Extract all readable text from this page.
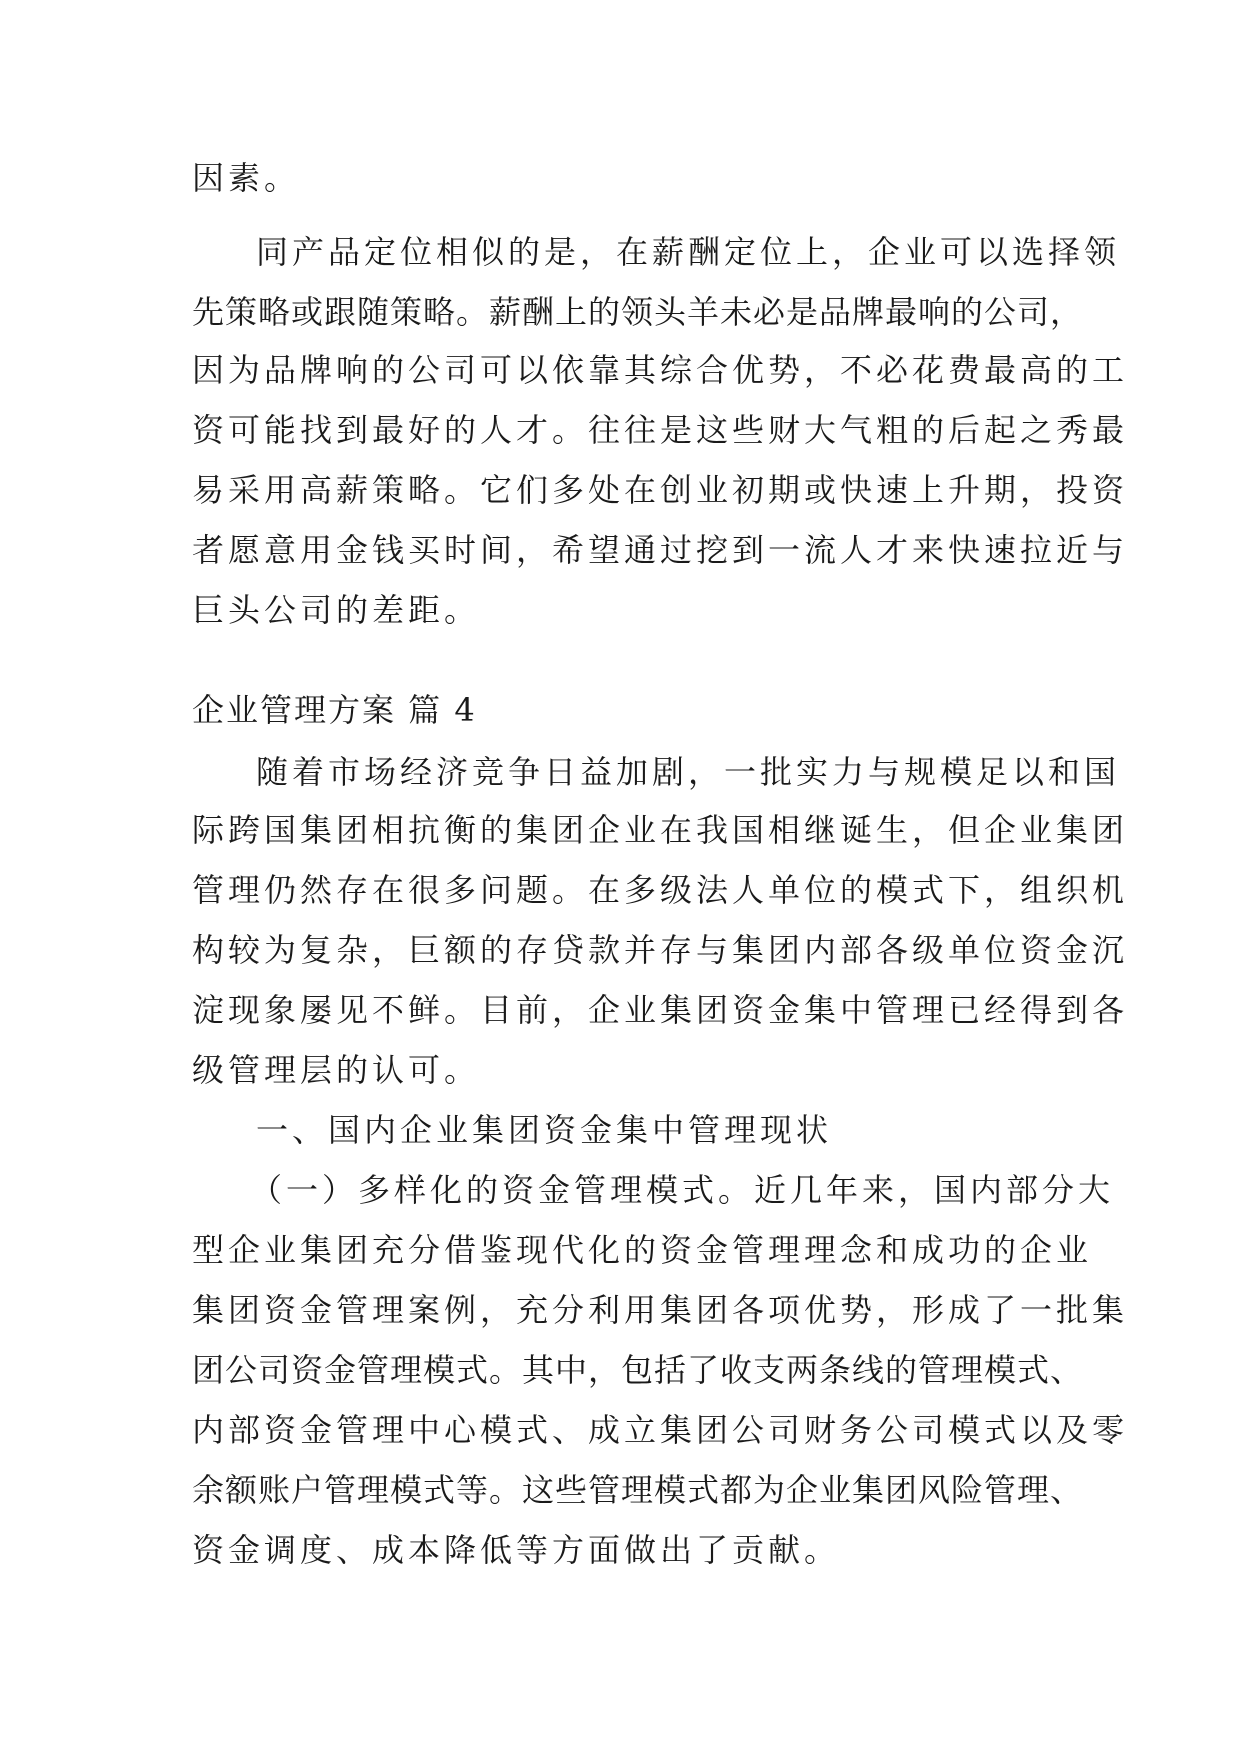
因素。
同产品定位相似的是，在薪酬定位上，企业可以选择领
先策略或跟随策略。薪酬上的领头羊未必是品牌最响的公司，
因为品牌响的公司可以依靠其综合优势，不必花费最高的工
资可能找到最好的人才。往往是这些财大气粗的后起之秀最
易采用高薪策略。它们多处在创业初期或快速上升期，投资
者愿意用金钱买时间，希望通过挖到一流人才来快速拉近与
巨头公司的差距。
企业管理方案 篇 4
随着市场经济竞争日益加剧，一批实力与规模足以和国
际跨国集团相抗衡的集团企业在我国相继诞生，但企业集团
管理仍然存在很多问题。在多级法人单位的模式下，组织机
构较为复杂，巨额的存贷款并存与集团内部各级单位资金沉
淀现象屡见不鲜。目前，企业集团资金集中管理已经得到各
级管理层的认可。
一、国内企业集团资金集中管理现状
（一）多样化的资金管理模式。近几年来，国内部分大
型企业集团充分借鉴现代化的资金管理理念和成功的企业
集团资金管理案例，充分利用集团各项优势，形成了一批集
团公司资金管理模式。其中，包括了收支两条线的管理模式、
内部资金管理中心模式、成立集团公司财务公司模式以及零
余额账户管理模式等。这些管理模式都为企业集团风险管理、
资金调度、成本降低等方面做出了贡献。
